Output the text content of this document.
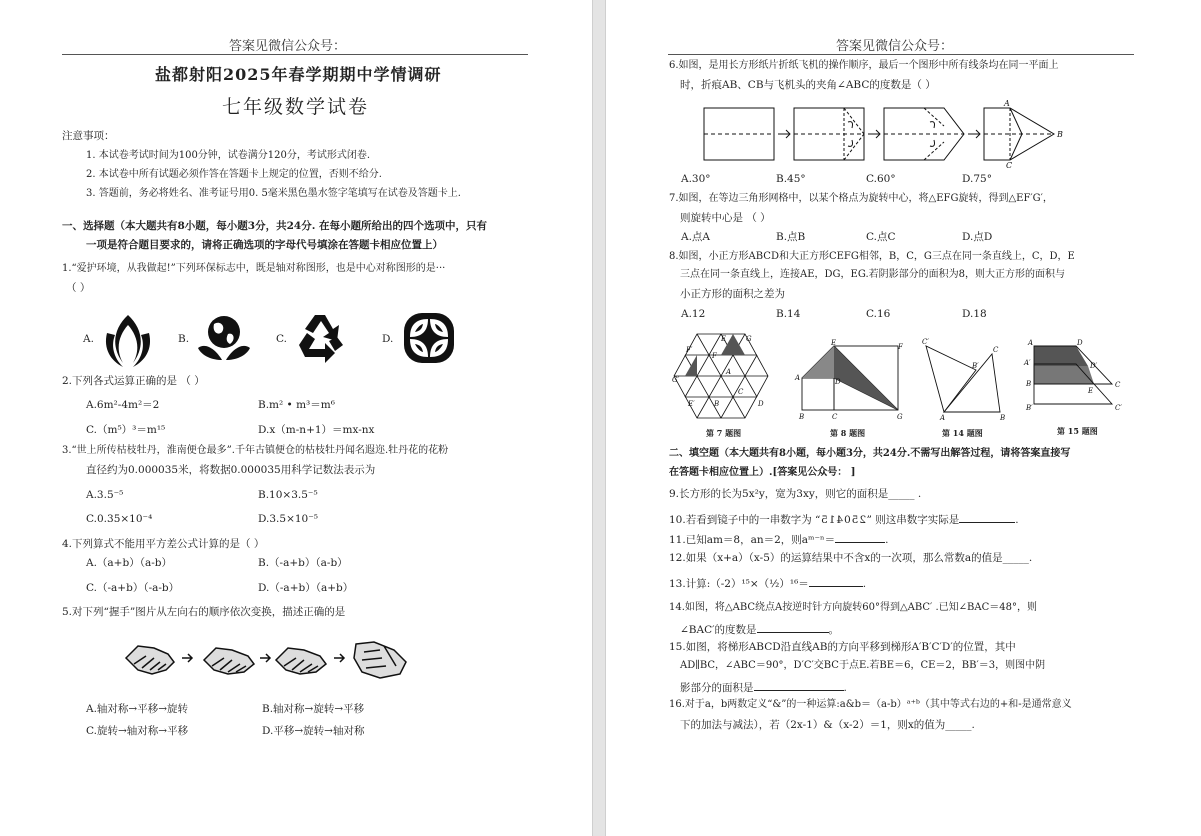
答案见微信公众号：
盐都射阳2025年春学期期中学情调研
七年级数学试卷
注意事项：
1. 本试卷考试时间为100分钟，试卷满分120分，考试形式闭卷.
2. 本试卷中所有试题必须作答在答题卡上规定的位置，否则不给分.
3. 答题前，务必将姓名、准考证号用0. 5毫米黑色墨水签字笔填写在试卷及答题卡上.
一、选择题（本大题共有8小题，每小题3分，共24分. 在每小题所给出的四个选项中，只有
一项是符合题目要求的，请将正确选项的字母代号填涂在答题卡相应位置上）
1.“爱护环境，从我做起!”下列环保标志中，既是轴对称图形，也是中心对称图形的是···
（ ）
A.	B.	C.	D.
2.下列各式运算正确的是 （ ）
A.6m²-4m²＝2	B.m² • m³＝m⁶
C.（m⁵）³＝m¹⁵	D.x（m-n+1）＝mx-nx
3.“世上所传枯枝牡丹，淮南便仓最多”.千年古镇便仓的枯枝牡丹闻名遐迩.牡丹花的花粉
直径约为0.000035米，将数据0.000035用科学记数法表示为
A.3.5⁻⁵	B.10×3.5⁻⁵
C.0.35×10⁻⁴	D.3.5×10⁻⁵
4.下列算式不能用平方差公式计算的是（ ）
A.（a+b）（a-b）	B.（-a+b）（a-b）
C.（-a+b）（-a-b）	D.（-a+b）（a+b）
5.对下列“握手”图片从左向右的顺序依次变换，描述正确的是
A.轴对称→平移→旋转	B.轴对称→旋转→平移
C.旋转→轴对称→平移	D.平移→旋转→轴对称
答案见微信公众号：
6.如图，是用长方形纸片折纸飞机的操作顺序，最后一个图形中所有线条均在同一平面上
时，折痕AB、CB与飞机头的夹角∠ABC的度数是（ ）
A
B
C
A.30°	B.45°	C.60°	D.75°
7.如图，在等边三角形网格中，以某个格点为旋转中心，将△EFG旋转，得到△EF′G′，
则旋转中心是 （ ）
A.点A	B.点B	C.点C	D.点D
8.如图，小正方形ABCD和大正方形CEFG相邻，B，C，G三点在同一条直线上，C，D，E
三点在同一条直线上，连接AE，DG，EG.若阴影部分的面积为8，则大正方形的面积与
小正方形的面积之差为
A.12	B.14	C.16	D.18
E	G
F
F′
A
G′
C
B
E′	D
第 7 题图
E	F
A	D
B	C	G
第 8 题图
C′
C
B′
A	B
第 14 题图
A	D
A′	D′
B
E
C
B′	C′
第 15 题图
二、填空题（本大题共有8小题，每小题3分，共24分.不需写出解答过程，请将答案直接写
在答题卡相应位置上）.[答案见公众号： ]
9.长方形的长为5x²y，宽为3xy，则它的面积是_____ .
10.若看到镜子中的一串数字为 “250415” 则这串数字实际是	.
11.已知am＝8，an＝2，则aᵐ⁻ⁿ＝	.
12.如果（x+a）（x-5）的运算结果中不含x的一次项，那么常数a的值是_____.
13.计算:（-2）¹⁵×（½）¹⁶＝	.
14.如图，将△ABC绕点A按逆时针方向旋转60°得到△ABC′ .已知∠BAC＝48°，则
∠BAC′的度数是	。
15.如图，将梯形ABCD沿直线AB的方向平移到梯形A′B′C′D′的位置，其中
AD∥BC，∠ABC＝90°，D′C′交BC于点E.若BE＝6，CE＝2，BB′＝3，则图中阴
影部分的面积是	.
16.对于a，b两数定义“&”的一种运算:a&b＝（a-b）ᵃ⁺ᵇ（其中等式右边的+和-是通常意义
下的加法与减法），若（2x-1）&（x-2）＝1，则x的值为_____.
